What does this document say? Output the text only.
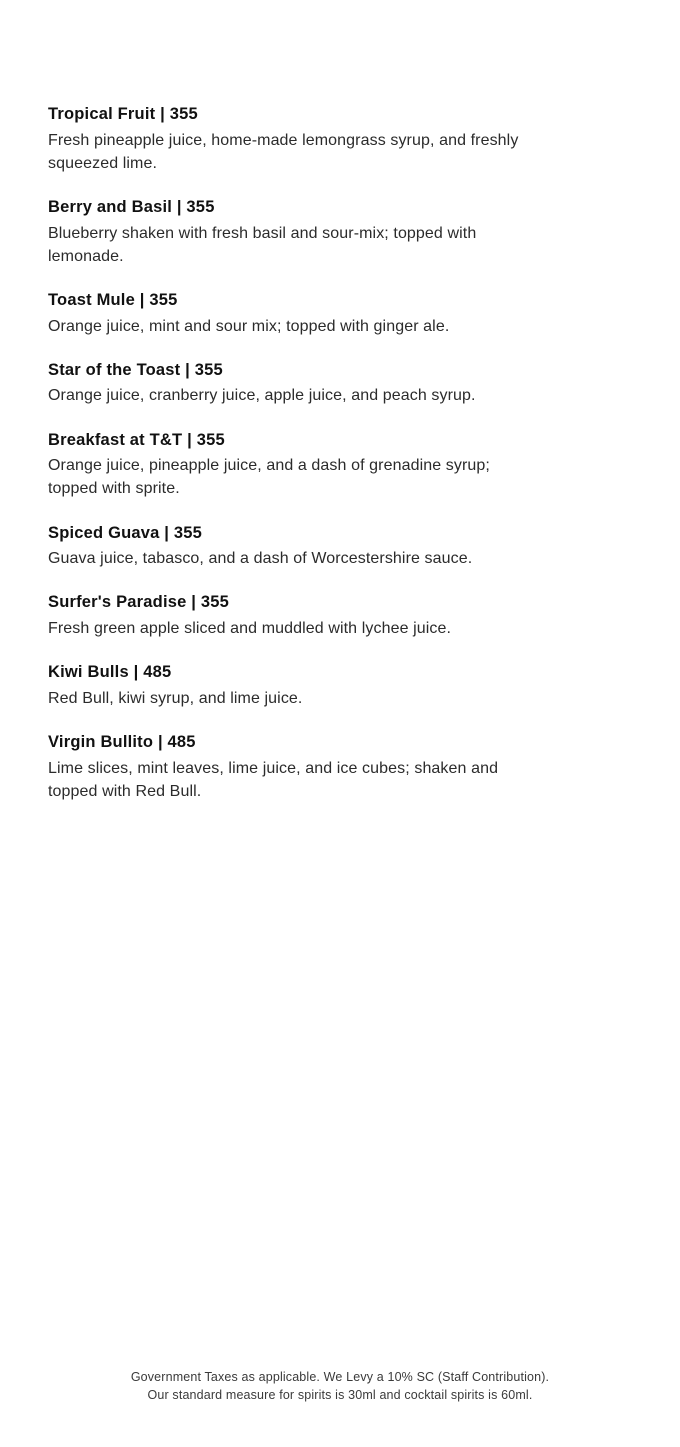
Tropical Fruit | 355

Fresh pineapple juice, home-made lemongrass syrup, and freshly squeezed lime.

Berry and Basil | 355

Blueberry shaken with fresh basil and sour-mix; topped with lemonade.

Toast Mule | 355

Orange juice, mint and sour mix; topped with ginger ale.

Star of the Toast | 355

Orange juice, cranberry juice, apple juice, and peach syrup.

Breakfast at T&T | 355

Orange juice, pineapple juice, and a dash of grenadine syrup; topped with sprite.

Spiced Guava | 355

Guava juice, tabasco, and a dash of Worcestershire sauce.

Surfer's Paradise | 355

Fresh green apple sliced and muddled with lychee juice.

Kiwi Bulls | 485

Red Bull, kiwi syrup, and lime juice.

Virgin Bullito | 485

Lime slices, mint leaves, lime juice, and ice cubes; shaken and topped with Red Bull.

Government Taxes as applicable. We Levy a 10% SC (Staff Contribution).

Our standard measure for spirits is 30ml and cocktail spirits is 60ml.
